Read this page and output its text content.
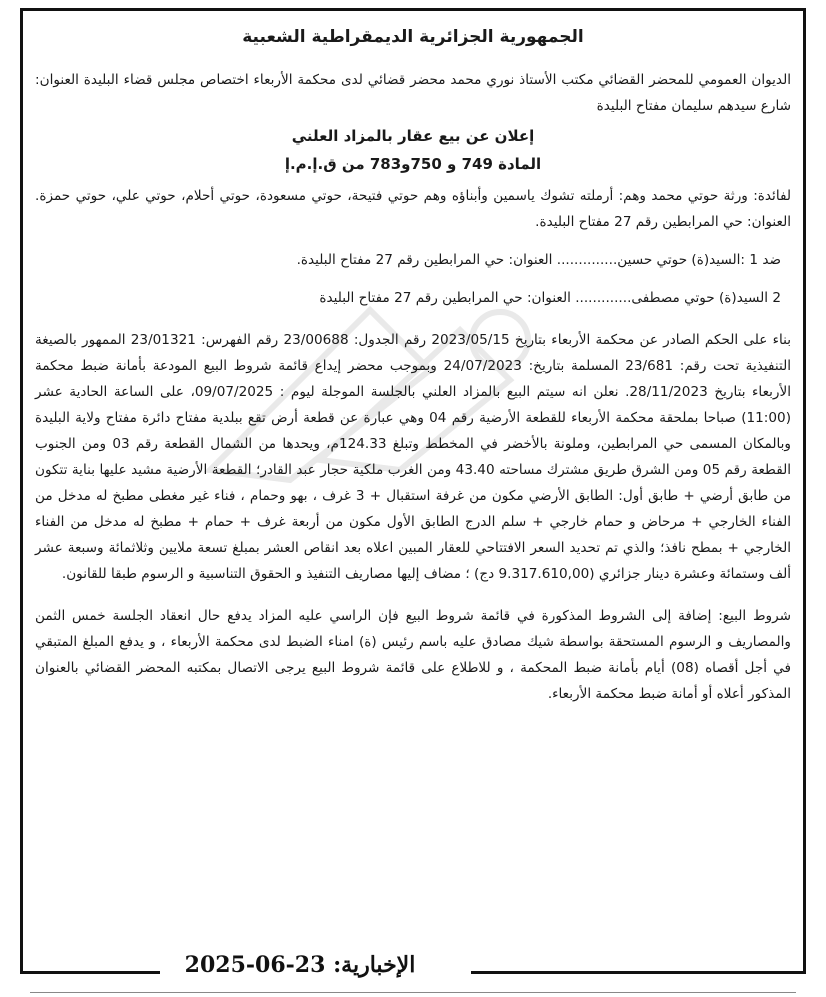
الجمهورية الجزائرية الديمقراطية الشعبية

الديوان العمومي للمحضر القضائي مكتب الأستاذ نوري محمد محضر قضائي لدى محكمة الأربعاء اختصاص مجلس قضاء البليدة العنوان: شارع سيدهم سليمان مفتاح البليدة

إعلان عن بيع عقار بالمزاد العلني
المادة 749 و 750و783 من ق.إ.م.إ

لفائدة: ورثة حوتي محمد وهم: أرملته تشوك ياسمين وأبناؤه وهم حوتي فتيحة، حوتي مسعودة، حوتي أحلام، حوتي علي، حوتي حمزة. العنوان: حي المرابطين رقم 27 مفتاح البليدة.

ضد 1 :السيد(ة) حوتي حسين.............. العنوان: حي المرابطين رقم 27 مفتاح البليدة.
2 السيد(ة) حوتي مصطفى............. العنوان: حي المرابطين رقم 27 مفتاح البليدة

بناء على الحكم الصادر عن محكمة الأربعاء بتاريخ 2023/05/15 رقم الجدول: 23/00688 رقم الفهرس: 23/01321 الممهور بالصيغة التنفيذية تحت رقم: 23/681 المسلمة بتاريخ: 24/07/2023 وبموجب محضر إيداع قائمة شروط البيع المودعة بأمانة ضبط محكمة الأربعاء بتاريخ 28/11/2023. نعلن انه سيتم البيع بالمزاد العلني بالجلسة الموجلة ليوم : 09/07/2025، على الساعة الحادية عشر (11:00) صباحا بملحقة محكمة الأربعاء للقطعة الأرضية رقم 04 وهي عبارة عن قطعة أرض تقع ببلدية مفتاح دائرة مفتاح ولاية البليدة وبالمكان المسمى حي المرابطين، وملونة بالأخضر في المخطط وتبلغ 124.33م، ويحدها من الشمال القطعة رقم 03 ومن الجنوب القطعة رقم 05 ومن الشرق طريق مشترك مساحته 43.40 ومن الغرب ملكية حجار عبد القادر؛ القطعة الأرضية مشيد عليها بناية تتكون من طابق أرضي + طابق أول: الطابق الأرضي مكون من غرفة استقبال + 3 غرف ، بهو وحمام ، فناء غير مغطى مطبخ له مدخل من الفناء الخارجي + مرحاض و حمام خارجي + سلم الدرج الطابق الأول مكون من أربعة غرف + حمام + مطبخ له مدخل من الفناء الخارجي + بمطح نافذ؛ والذي تم تحديد السعر الافتتاحي للعقار المبين اعلاه بعد انقاص العشر بمبلغ تسعة ملايين وثلاثمائة وسبعة عشر ألف وستمائة وعشرة دينار جزائري (9.317.610,00 دج) ؛ مضاف إليها مصاريف التنفيذ و الحقوق التناسبية و الرسوم طبقا للقانون.

شروط البيع: إضافة إلى الشروط المذكورة في قائمة شروط البيع فإن الراسي عليه المزاد يدفع حال انعقاد الجلسة خمس الثمن والمصاريف و الرسوم المستحقة بواسطة شيك مصادق عليه باسم رئيس (ة) امناء الضبط لدى محكمة الأربعاء ، و يدفع المبلغ المتبقي في أجل أقصاه (08) أيام بأمانة ضبط المحكمة ، و للاطلاع على قائمة شروط البيع يرجى الاتصال بمكتبه المحضر القضائي بالعنوان المذكور أعلاه أو أمانة ضبط محكمة الأربعاء.

الإخبارية: 23-06-2025
